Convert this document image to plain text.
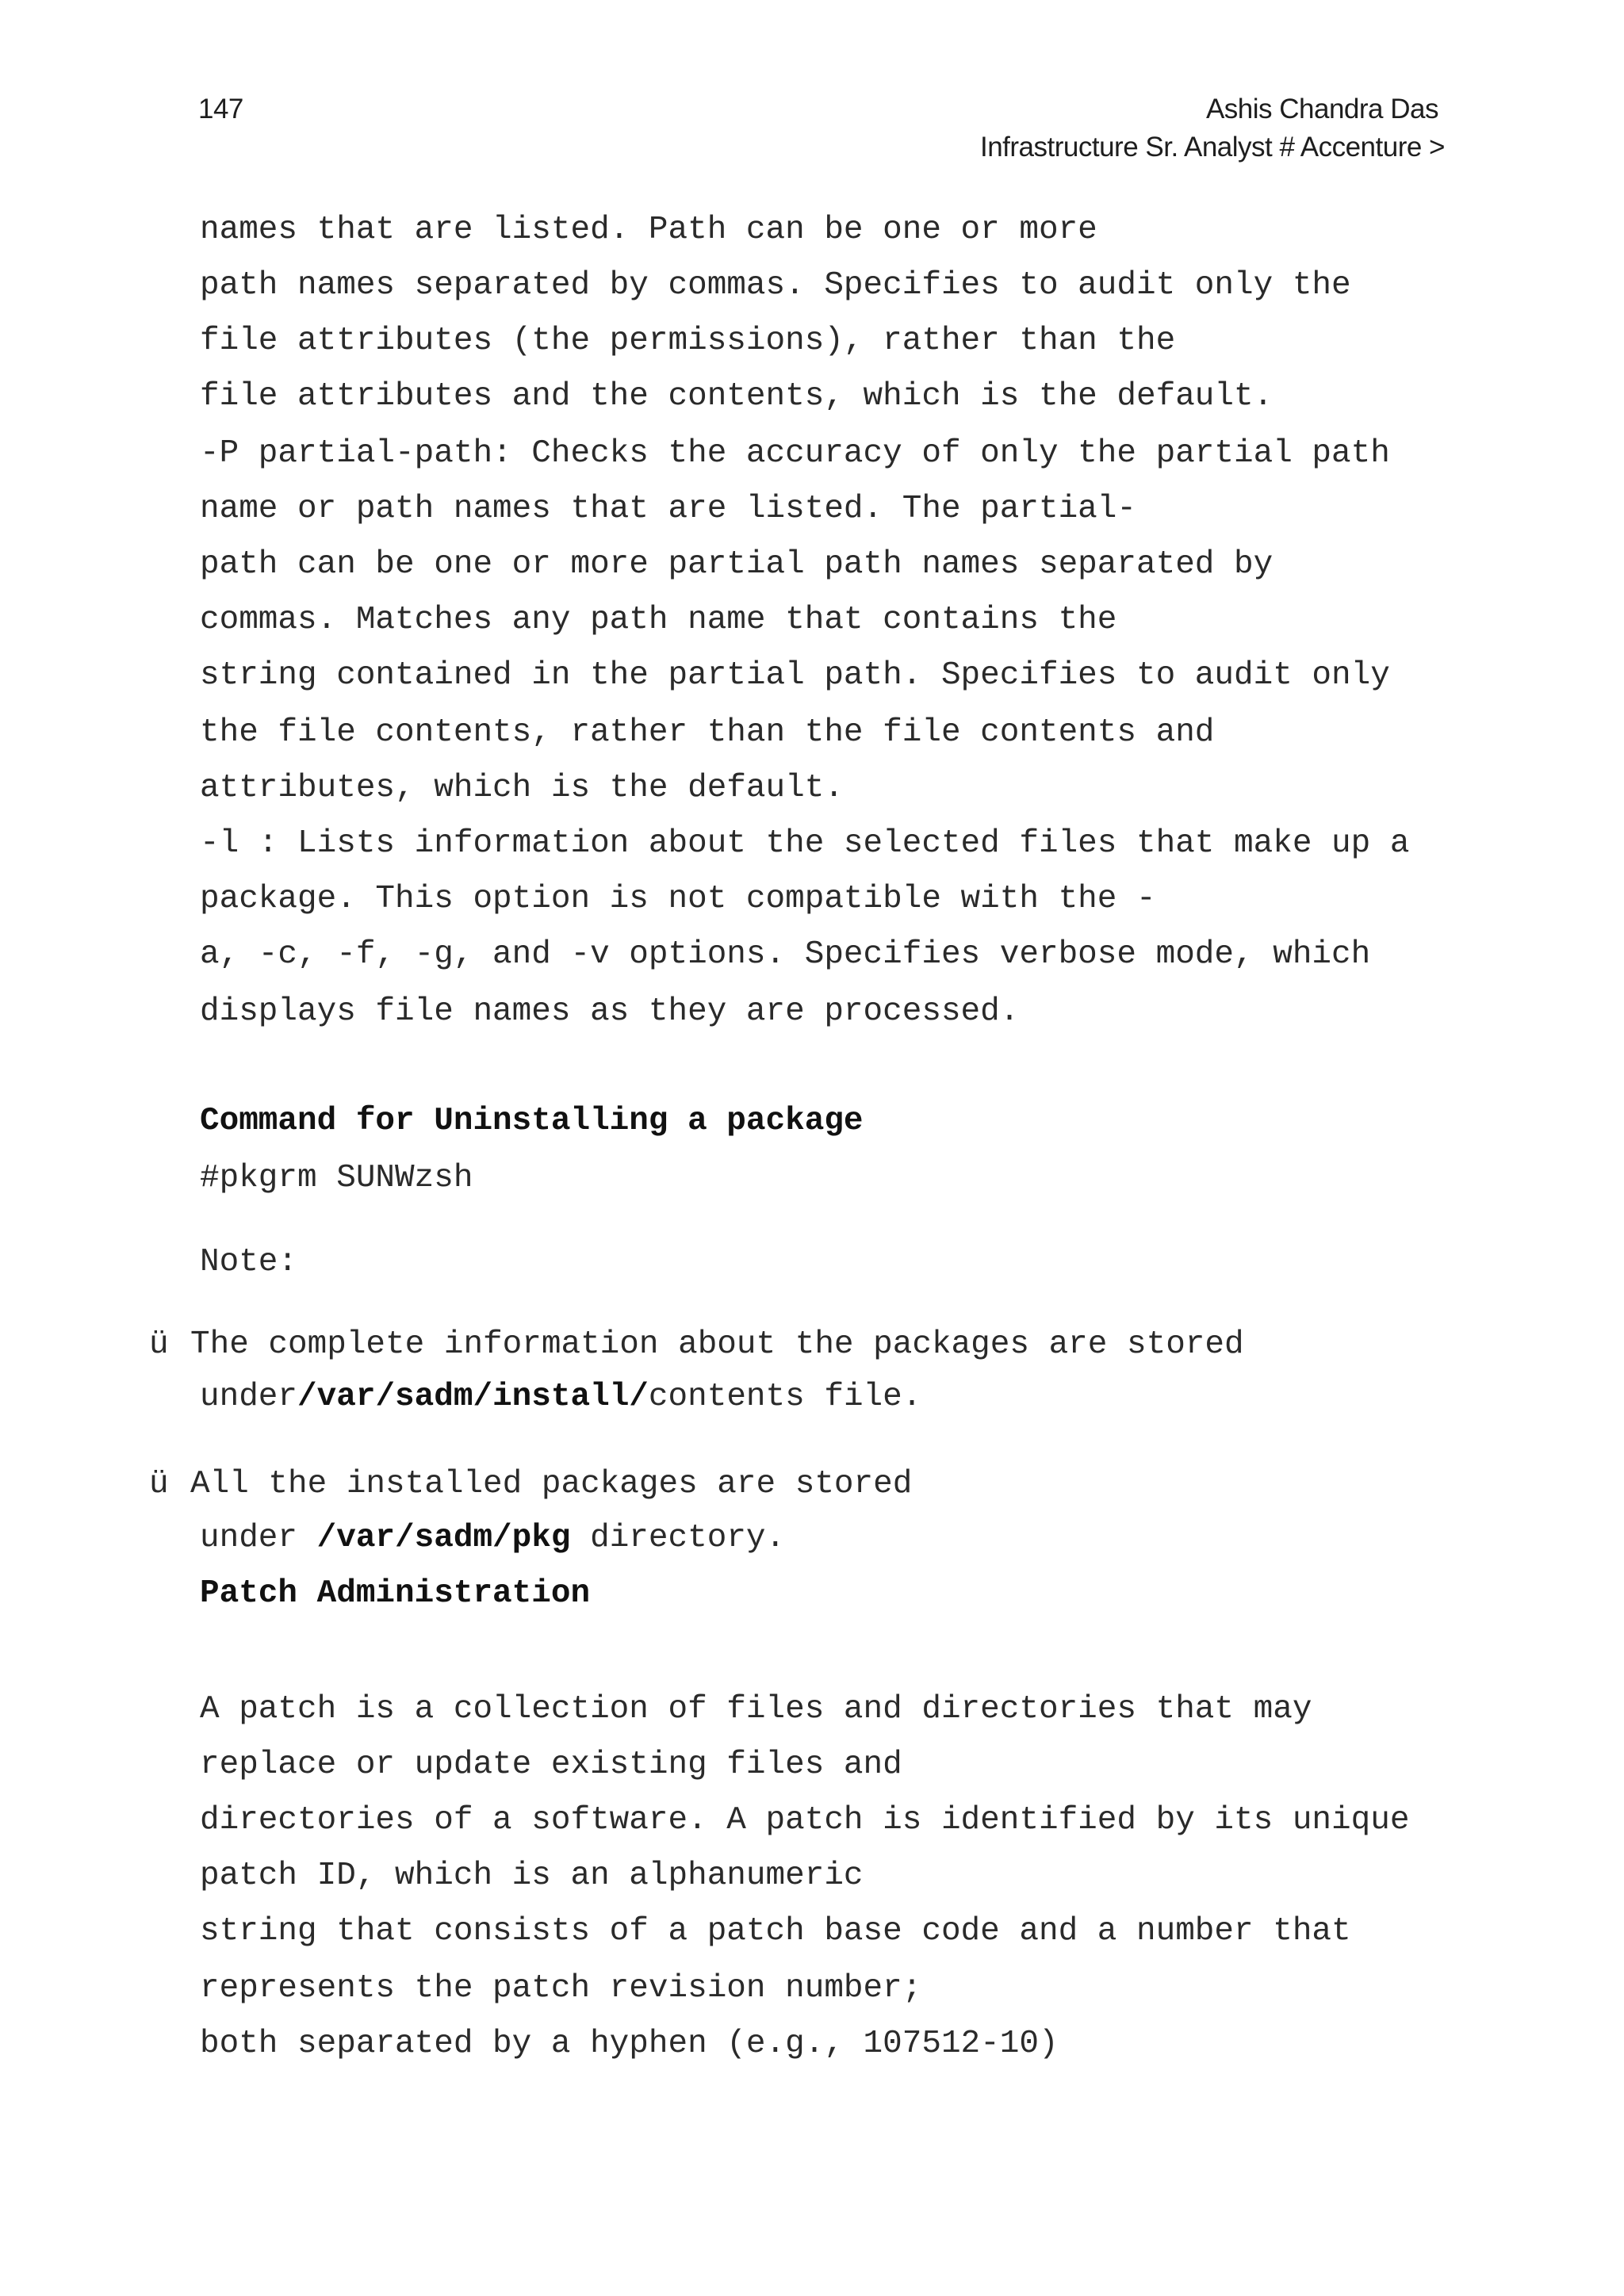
147	Ashis Chandra Das
Infrastructure Sr. Analyst # Accenture >
names that are listed. Path can be one or more
path names separated by commas. Specifies to audit only the
file attributes (the permissions), rather than the
file attributes and the contents, which is the default.
-P partial-path: Checks the accuracy of only the partial path
name or path names that are listed. The partial-
path can be one or more partial path names separated by
commas. Matches any path name that contains the
string contained in the partial path. Specifies to audit only
the file contents, rather than the file contents and
attributes, which is the default.
-l : Lists information about the selected files that make up a
package. This option is not compatible with the -
a, -c, -f, -g, and -v options. Specifies verbose mode, which
displays file names as they are processed.
Command for Uninstalling a package
#pkgrm SUNWzsh
Note:
ü The complete information about the packages are stored
under/var/sadm/install/contents file.
ü All the installed packages are stored
under /var/sadm/pkg directory.
Patch Administration
A patch is a collection of files and directories that may
replace or update existing files and
directories of a software. A patch is identified by its unique
patch ID, which is an alphanumeric
string that consists of a patch base code and a number that
represents the patch revision number;
both separated by a hyphen (e.g., 107512-10)
